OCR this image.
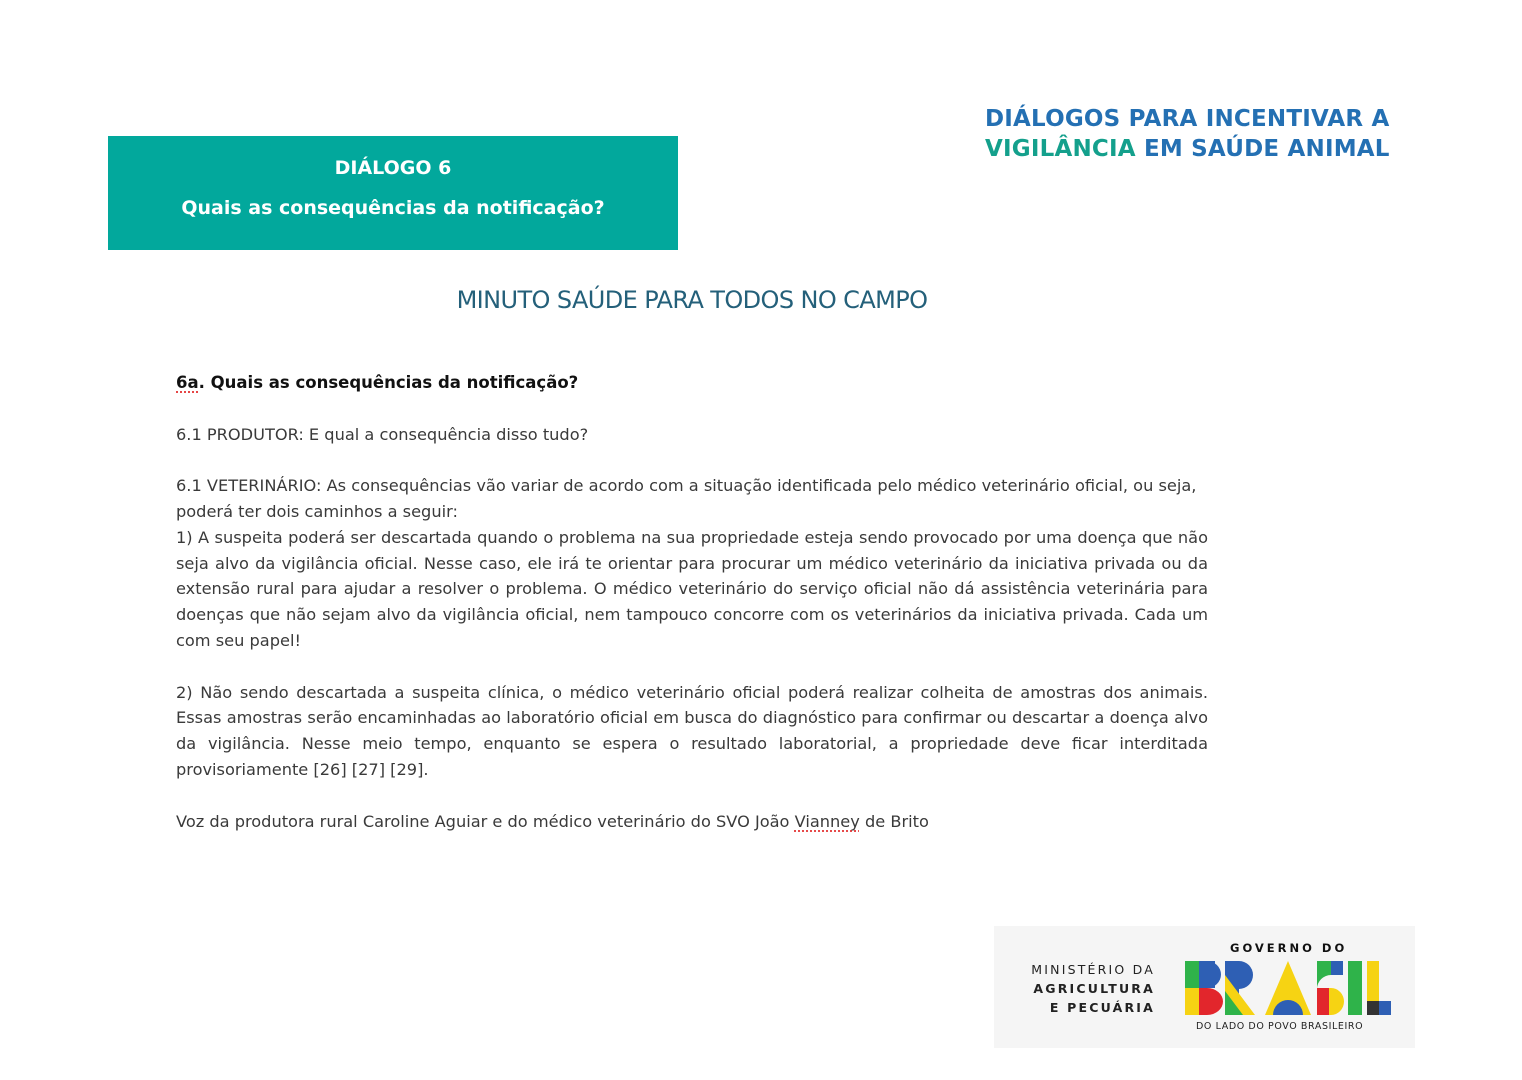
DIÁLOGOS PARA INCENTIVAR A
VIGILÂNCIA EM SAÚDE ANIMAL
DIÁLOGO 6
Quais as consequências da notificação?
MINUTO SAÚDE PARA TODOS NO CAMPO

6a. Quais as consequências da notificação?

6.1 PRODUTOR: E qual a consequência disso tudo?

6.1 VETERINÁRIO: As consequências vão variar de acordo com a situação identificada pelo médico veterinário oficial, ou seja, poderá ter dois caminhos a seguir:

1) A suspeita poderá ser descartada quando o problema na sua propriedade esteja sendo provocado por uma doença que não seja alvo da vigilância oficial. Nesse caso, ele irá te orientar para procurar um médico veterinário da iniciativa privada ou da extensão rural para ajudar a resolver o problema. O médico veterinário do serviço oficial não dá assistência veterinária para doenças que não sejam alvo da vigilância oficial, nem tampouco concorre com os veterinários da iniciativa privada. Cada um com seu papel!

2) Não sendo descartada a suspeita clínica, o médico veterinário oficial poderá realizar colheita de amostras dos animais. Essas amostras serão encaminhadas ao laboratório oficial em busca do diagnóstico para confirmar ou descartar a doença alvo da vigilância. Nesse meio tempo, enquanto se espera o resultado laboratorial, a propriedade deve ficar interditada provisoriamente [26] [27] [29].

Voz da produtora rural Caroline Aguiar e do médico veterinário do SVO João Vianney de Brito

MINISTÉRIO DA
AGRICULTURA
E PECUÁRIA
GOVERNO DO
DO LADO DO POVO BRASILEIRO
